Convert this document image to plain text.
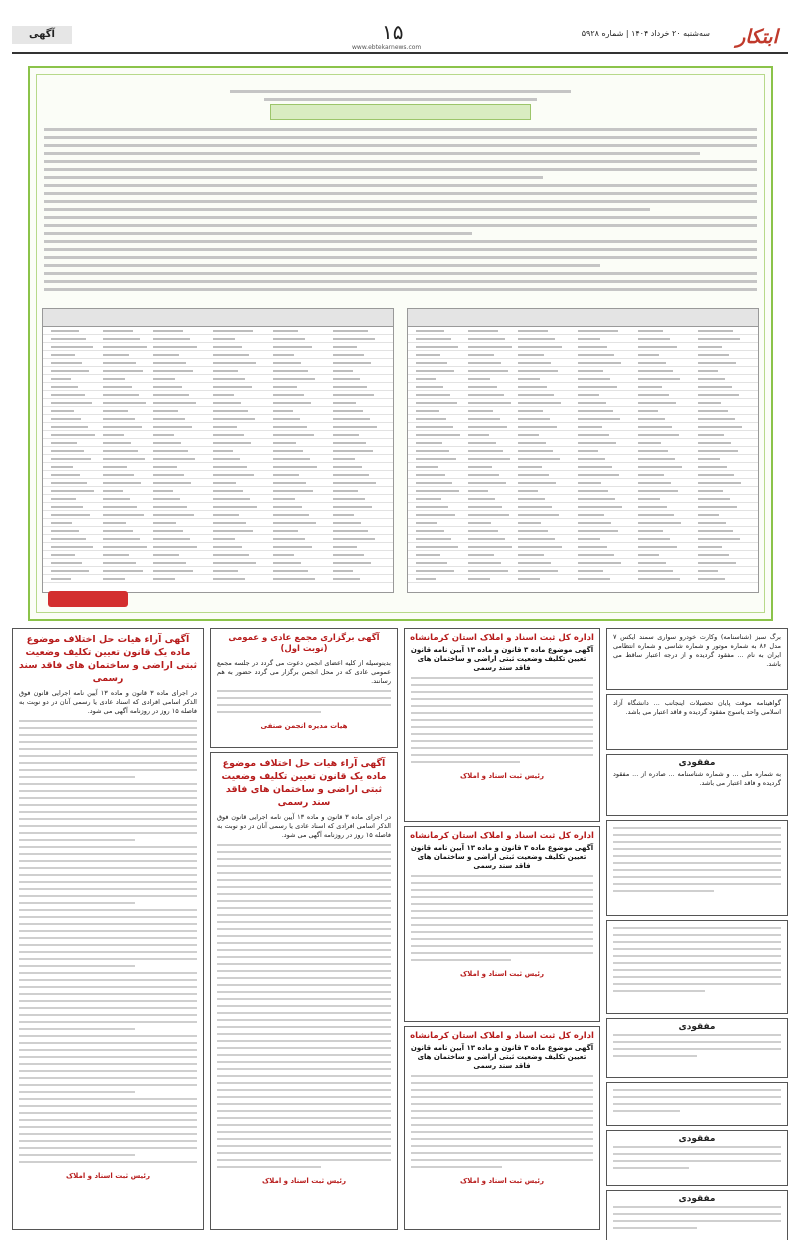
ابتکار
سه‌شنبه ۲۰ خرداد ۱۴۰۴ | شماره ۵۹۲۸
۱۵
www.ebtekarnews.com
آگهی
برگ سبز (شناسنامه) وکارت خودرو سواری سمند ایکس ۷ مدل ۸۶ به شماره موتور و شماره شاسی و شماره انتظامی ایران به نام ... مفقود گردیده و از درجه اعتبار ساقط می باشد.
گواهینامه موقت پایان تحصیلات اینجانب ... دانشگاه آزاد اسلامی واحد یاسوج مفقود گردیده و فاقد اعتبار می باشد.
مفقودی
به شماره ملی ... و شماره شناسنامه ... صادره از ... مفقود گردیده و فاقد اعتبار می باشد.
مفقودی
مفقودی
مفقودی
اداره کل ثبت اسناد و املاک استان کرمانشاه
آگهی موضوع ماده ۳ قانون و ماده ۱۳ آیین نامه قانون تعیین تکلیف وضعیت ثبتی اراضی و ساختمان های فاقد سند رسمی
رئیس ثبت اسناد و املاک
اداره کل ثبت اسناد و املاک استان کرمانشاه
آگهی موضوع ماده ۳ قانون و ماده ۱۳ آیین نامه قانون تعیین تکلیف وضعیت ثبتی اراضی و ساختمان های فاقد سند رسمی
رئیس ثبت اسناد و املاک
اداره کل ثبت اسناد و املاک استان کرمانشاه
آگهی موضوع ماده ۳ قانون و ماده ۱۳ آیین نامه قانون تعیین تکلیف وضعیت ثبتی اراضی و ساختمان های فاقد سند رسمی
رئیس ثبت اسناد و املاک
آگهی برگزاری مجمع عادی و عمومی (نوبت اول)
بدینوسیله از کلیه اعضای انجمن دعوت می گردد در جلسه مجمع عمومی عادی که در محل انجمن برگزار می گردد حضور به هم رسانند.
هیات مدیره انجمن صنفی
آگهی آراء هیات حل اختلاف موضوع ماده یک قانون تعیین تکلیف وضعیت ثبتی اراضی و ساختمان های فاقد سند رسمی
در اجرای ماده ۳ قانون و ماده ۱۳ آیین نامه اجرایی قانون فوق الذکر اسامی افرادی که اسناد عادی یا رسمی آنان در دو نوبت به فاصله ۱۵ روز در روزنامه آگهی می شود.
رئیس ثبت اسناد و املاک
آگهی آراء هیات حل اختلاف موضوع ماده یک قانون تعیین تکلیف وضعیت ثبتی اراضی و ساختمان های فاقد سند رسمی
در اجرای ماده ۳ قانون و ماده ۱۳ آیین نامه اجرایی قانون فوق الذکر اسامی افرادی که اسناد عادی یا رسمی آنان در دو نوبت به فاصله ۱۵ روز در روزنامه آگهی می شود.
رئیس ثبت اسناد و املاک
